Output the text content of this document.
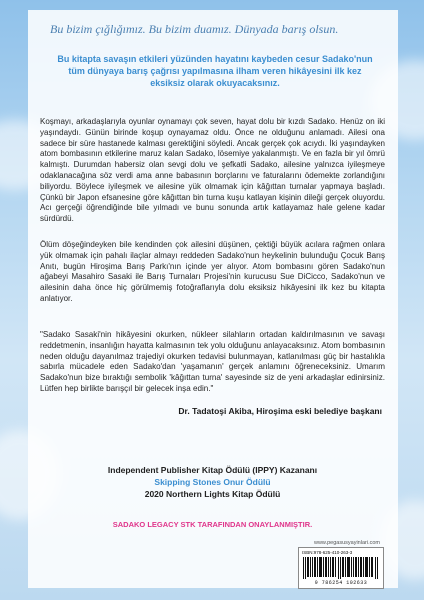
Bu bizim çığlığımız. Bu bizim duamız. Dünyada barış olsun.
Bu kitapta savaşın etkileri yüzünden hayatını kaybeden cesur Sadako'nun tüm dünyaya barış çağrısı yapılmasına ilham veren hikâyesini ilk kez eksiksiz olarak okuyacaksınız.

Koşmayı, arkadaşlarıyla oyunlar oynamayı çok seven, hayat dolu bir kızdı Sadako. Henüz on iki yaşındaydı. Günün birinde koşup oynayamaz oldu. Önce ne olduğunu anlamadı. Ailesi ona sadece bir süre hastanede kalması gerektiğini söyledi. Ancak gerçek çok acıydı. İki yaşındayken atom bombasının etkilerine maruz kalan Sadako, lösemiye yakalanmıştı. Ve en fazla bir yıl ömrü kalmıştı. Durumdan habersiz olan sevgi dolu ve şefkatli Sadako, ailesine yalnızca iyileşmeye odaklanacağına söz verdi ama anne babasının borçlarını ve faturalarını ödemekte zorlandığını biliyordu. Böylece iyileşmek ve ailesine yük olmamak için kâğıttan turnalar yapmaya başladı. Çünkü bir Japon efsanesine göre kâğıttan bin turna kuşu katlayan kişinin dileği gerçek oluyordu. Acı gerçeği öğrendiğinde bile yılmadı ve bunu sonunda artık katlayamaz hale gelene kadar sürdürdü.

Ölüm döşeğindeyken bile kendinden çok ailesini düşünen, çektiği büyük acılara rağmen onlara yük olmamak için pahalı ilaçlar almayı reddeden Sadako'nun heykelinin bulunduğu Çocuk Barış Anıtı, bugün Hiroşima Barış Parkı'nın içinde yer alıyor. Atom bombasını gören Sadako'nun ağabeyi Masahiro Sasaki ile Barış Turnaları Projesi'nin kurucusu Sue DiCicco, Sadako'nun ve ailesinin daha önce hiç görülmemiş fotoğraflarıyla dolu eksiksiz hikâyesini ilk kez bu kitapta anlatıyor.

"Sadako Sasaki'nin hikâyesini okurken, nükleer silahların ortadan kaldırılmasının ve savaşı reddetmenin, insanlığın hayatta kalmasının tek yolu olduğunu anlayacaksınız. Atom bombasının neden olduğu dayanılmaz trajediyi okurken tedavisi bulunmayan, katlanılması güç bir hastalıkla sabırla mücadele eden Sadako'dan 'yaşamanın' gerçek anlamını öğreneceksiniz. Umarım Sadako'nun bize bıraktığı sembolik 'kâğıttan turna' sayesinde siz de yeni arkadaşlar edinirsiniz. Lütfen hep birlikte barışçıl bir gelecek inşa edin."

Dr. Tadatoşi Akiba, Hiroşima eski belediye başkanı
Independent Publisher Kitap Ödülü (IPPY) Kazananı
Skipping Stones Onur Ödülü
2020 Northern Lights Kitap Ödülü
SADAKO LEGACY STK TARAFINDAN ONAYLANMIŞTIR.
www.pegasusyayinlari.com
ISBN:978-625-410-263-3
9 786254 102633
